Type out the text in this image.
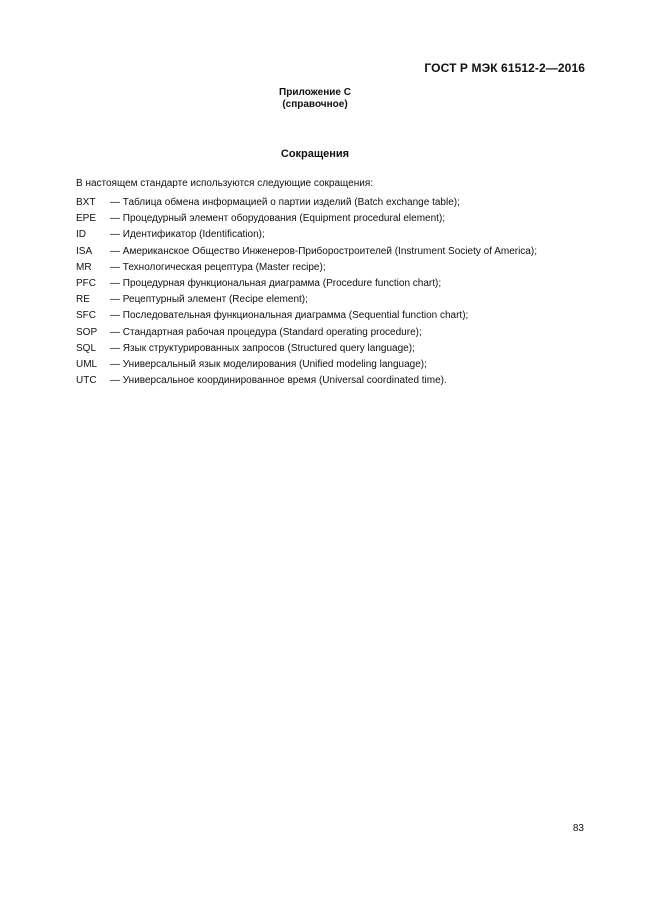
ГОСТ Р МЭК 61512-2—2016
Приложение С
(справочное)
Сокращения
В настоящем стандарте используются следующие сокращения:
BXT	— Таблица обмена информацией о партии изделий (Batch exchange table);
EPE	— Процедурный элемент оборудования (Equipment procedural element);
ID	— Идентификатор (Identification);
ISA	— Американское Общество Инженеров-Приборостроителей (Instrument Society of America);
MR	— Технологическая рецептура (Master recipe);
PFC	— Процедурная функциональная диаграмма (Procedure function chart);
RE	— Рецептурный элемент (Recipe element);
SFC	— Последовательная функциональная диаграмма (Sequential function chart);
SOP	— Стандартная рабочая процедура (Standard operating procedure);
SQL	— Язык структурированных запросов (Structured query language);
UML	— Универсальный язык моделирования (Unified modeling language);
UTC	— Универсальное координированное время (Universal coordinated time).
83
